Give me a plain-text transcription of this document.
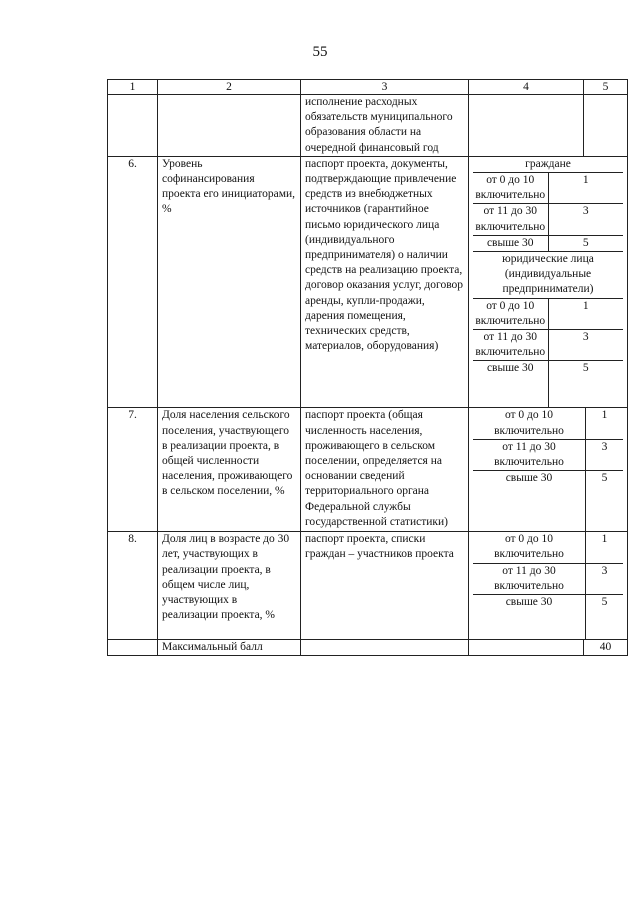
55
1	2	3	4	5
		исполнение расходных обязательств муниципального образования области на очередной финансовый год		
6.	Уровень софинансирования проекта его инициаторами, %	паспорт проекта, документы, подтверждающие привлечение средств из внебюджетных источников (гарантийное письмо юридического лица (индивидуального предпринимателя) о наличии средств на реализацию проекта, договор оказания услуг, договор аренды, купли-продажи, дарения помещения, технических средств, материалов, оборудования)	
граждане
от 0 до 10 включительно	1
от 11 до 30 включительно	3
свыше 30	5
юридические лица (индивидуальные предприниматели)
от 0 до 10 включительно	1
от 11 до 30 включительно	3
свыше 30	5

7.	Доля населения сельского поселения, участвующего в реализации проекта, в общей численности населения, проживающего в сельском поселении, %	паспорт проекта (общая численность населения, проживающего в сельском поселении, определяется на основании сведений территориального органа Федеральной службы государственной статистики)	
от 0 до 10 включительно	1
от 11 до 30 включительно	3
свыше 30	5

8.	Доля лиц в возрасте до 30 лет, участвующих в реализации проекта, в общем числе лиц, участвующих в реализации проекта, %	паспорт проекта, списки граждан – участников проекта	
от 0 до 10 включительно	1
от 11 до 30 включительно	3
свыше 30	5

	Максимальный балл			40
